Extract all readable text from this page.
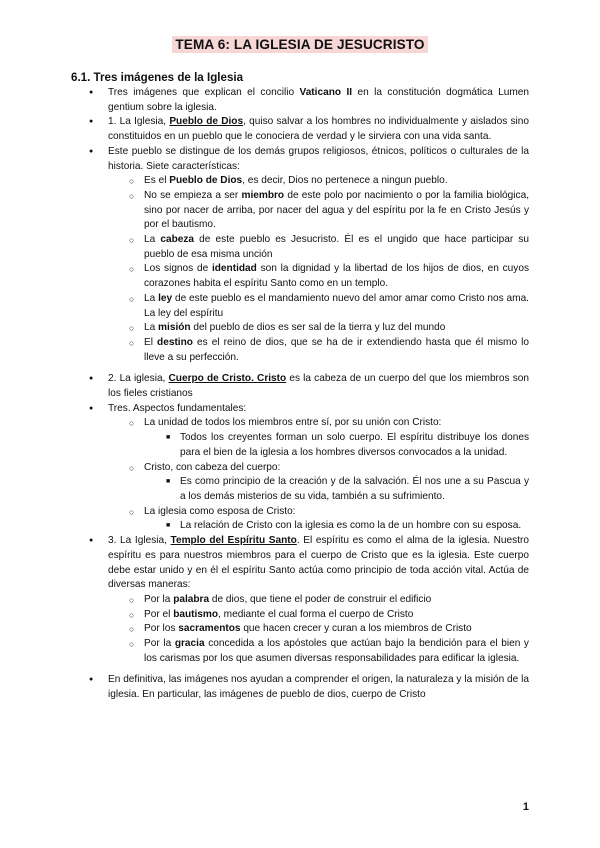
TEMA 6: LA IGLESIA DE JESUCRISTO
6.1. Tres imágenes de la Iglesia
● Tres imágenes que explican el concilio Vaticano II en la constitución dogmática Lumen gentium sobre la iglesia.
● 1. La Iglesia, Pueblo de Dios, quiso salvar a los hombres no individualmente y aislados sino constituidos en un pueblo que le conociera de verdad y le sirviera con una vida santa.
● Este pueblo se distingue de los demás grupos religiosos, étnicos, políticos o culturales de la historia. Siete características:
○ Es el Pueblo de Dios, es decir, Dios no pertenece a ningun pueblo.
○ No se empieza a ser miembro de este polo por nacimiento o por la familia biológica, sino por nacer de arriba, por nacer del agua y del espíritu por la fe en Cristo Jesús y por el bautismo.
○ La cabeza de este pueblo es Jesucristo. Él es el ungido que hace participar su pueblo de esa misma unción
○ Los signos de identidad son la dignidad y la libertad de los hijos de dios, en cuyos corazones habita el espíritu Santo como en un templo.
○ La ley de este pueblo es el mandamiento nuevo del amor amar como Cristo nos ama. La ley del espíritu
○ La misión del pueblo de dios es ser sal de la tierra y luz del mundo
○ El destino es el reino de dios, que se ha de ir extendiendo hasta que él mismo lo lleve a su perfección.
● 2. La iglesia, Cuerpo de Cristo. Cristo es la cabeza de un cuerpo del que los miembros son los fieles cristianos
● Tres. Aspectos fundamentales:
○ La unidad de todos los miembros entre sí, por su unión con Cristo:
■ Todos los creyentes forman un solo cuerpo. El espíritu distribuye los dones para el bien de la iglesia a los hombres diversos convocados a la unidad.
○ Cristo, con cabeza del cuerpo:
■ Es como principio de la creación y de la salvación. Él nos une a su Pascua y a los demás misterios de su vida, también a su sufrimiento.
○ La iglesia como esposa de Cristo:
■ La relación de Cristo con la iglesia es como la de un hombre con su esposa.
● 3. La Iglesia, Templo del Espíritu Santo. El espíritu es como el alma de la iglesia. Nuestro espíritu es para nuestros miembros para el cuerpo de Cristo que es la iglesia. Este cuerpo debe estar unido y en él el espíritu Santo actúa como principio de toda acción vital. Actúa de diversas maneras:
○ Por la palabra de dios, que tiene el poder de construir el edificio
○ Por el bautismo, mediante el cual forma el cuerpo de Cristo
○ Por los sacramentos que hacen crecer y curan a los miembros de Cristo
○ Por la gracia concedida a los apóstoles que actúan bajo la bendición para el bien y los carismas por los que asumen diversas responsabilidades para edificar la iglesia.
● En definitiva, las imágenes nos ayudan a comprender el origen, la naturaleza y la misión de la iglesia. En particular, las imágenes de pueblo de dios, cuerpo de Cristo
1
